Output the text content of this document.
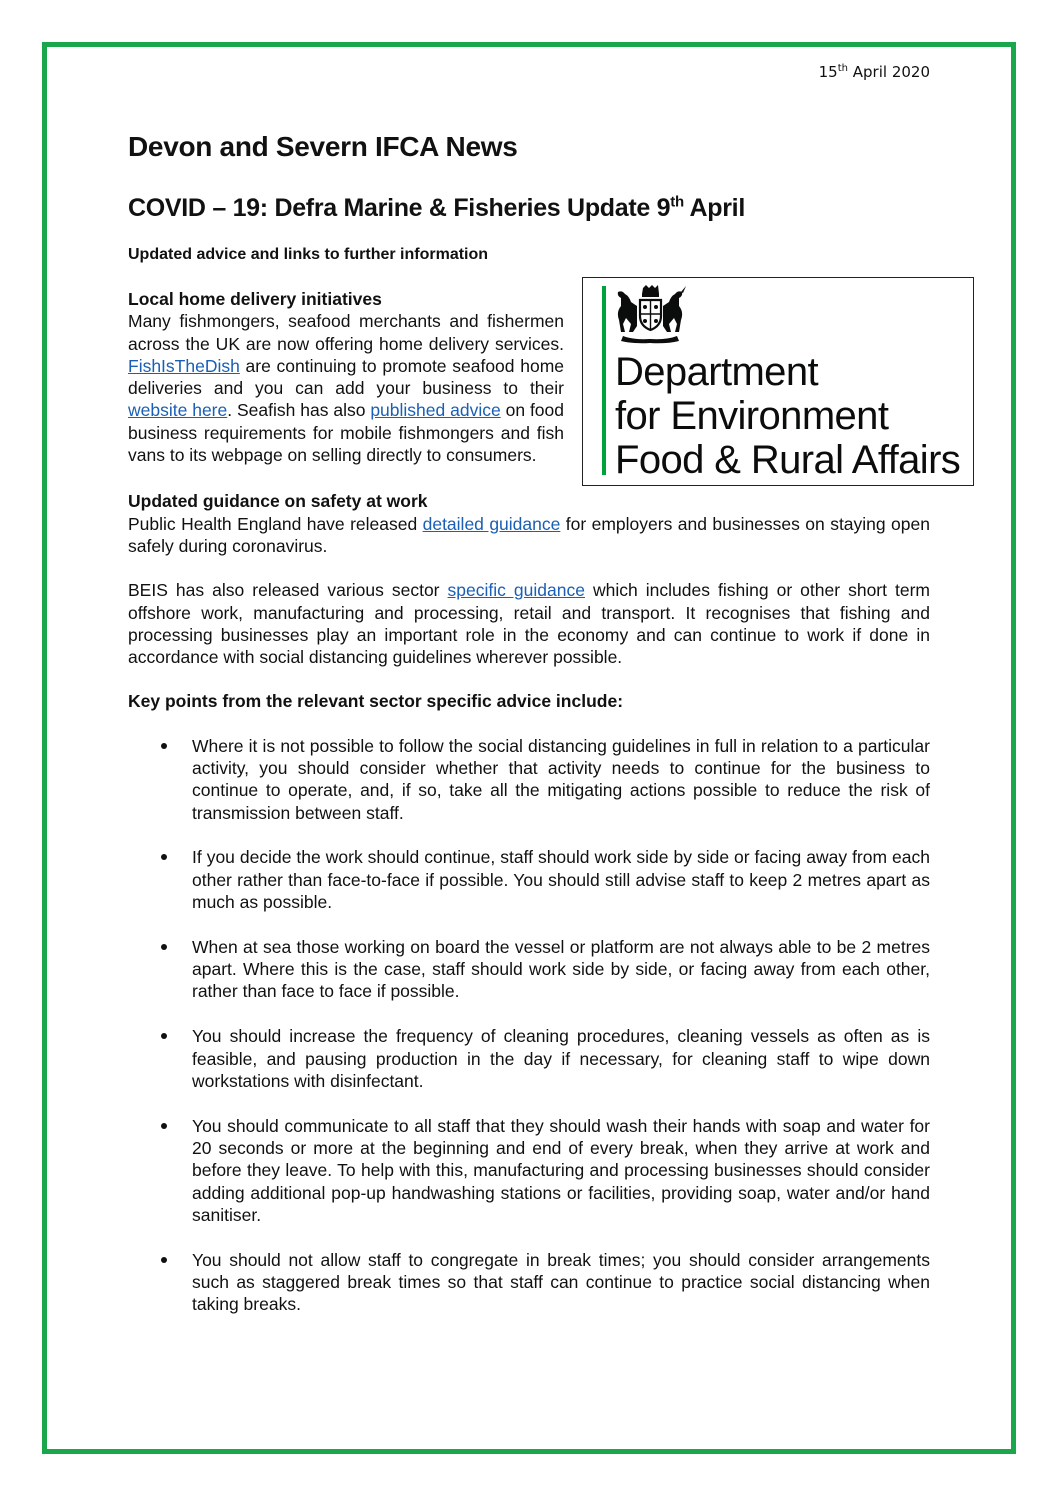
15th April 2020
Devon and Severn IFCA News
COVID – 19: Defra Marine & Fisheries Update 9th April
Updated advice and links to further information
Local home delivery initiatives

Many fishmongers, seafood merchants and fishermen across the UK are now offering home delivery services. FishIsTheDish are continuing to promote seafood home deliveries and you can add your business to their website here. Seafish has also published advice on food business requirements for mobile fishmongers and fish vans to its webpage on selling directly to consumers.

Department
for Environment
Food & Rural Affairs
Updated guidance on safety at work

Public Health England have released detailed guidance for employers and businesses on staying open safely during coronavirus.

BEIS has also released various sector specific guidance which includes fishing or other short term offshore work, manufacturing and processing, retail and transport. It recognises that fishing and processing businesses play an important role in the economy and can continue to work if done in accordance with social distancing guidelines wherever possible.

Key points from the relevant sector specific advice include:
Where it is not possible to follow the social distancing guidelines in full in relation to a particular activity, you should consider whether that activity needs to continue for the business to continue to operate, and, if so, take all the mitigating actions possible to reduce the risk of transmission between staff.
If you decide the work should continue, staff should work side by side or facing away from each other rather than face-to-face if possible. You should still advise staff to keep 2 metres apart as much as possible.
When at sea those working on board the vessel or platform are not always able to be 2 metres apart. Where this is the case, staff should work side by side, or facing away from each other, rather than face to face if possible.
You should increase the frequency of cleaning procedures, cleaning vessels as often as is feasible, and pausing production in the day if necessary, for cleaning staff to wipe down workstations with disinfectant.
You should communicate to all staff that they should wash their hands with soap and water for 20 seconds or more at the beginning and end of every break, when they arrive at work and before they leave. To help with this, manufacturing and processing businesses should consider adding additional pop-up handwashing stations or facilities, providing soap, water and/or hand sanitiser.
You should not allow staff to congregate in break times; you should consider arrangements such as staggered break times so that staff can continue to practice social distancing when taking breaks.
